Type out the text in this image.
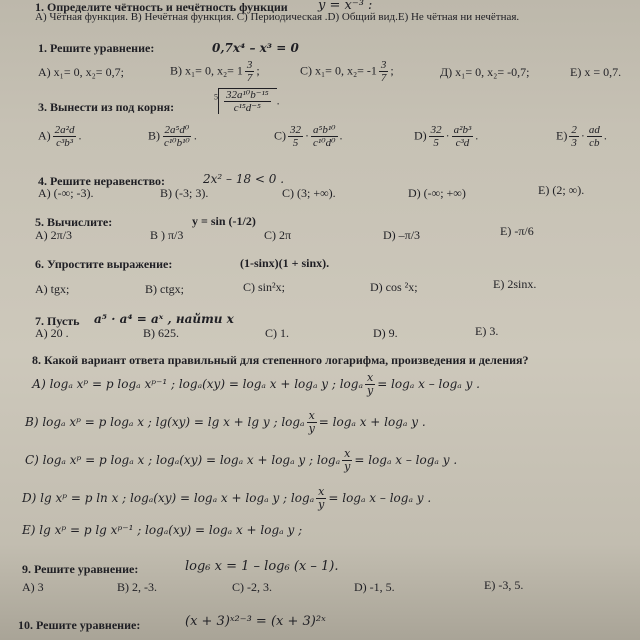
1. Определите чётность и нечётность функции y = x⁻³ :
А) Чётная функция. В) Нечётная функция. С) Периодическая .D) Общий вид.Е) Не чётная ни нечётная.
1. Решите уравнение:	0,7x⁴ – x³ = 0
А) x₁= 0, x₂= 0,7;	В) x₁= 0, $x_2= 1 \frac{3}{7}$ ;	С) x₁= 0, $x_2= -1 \frac{3}{7}$ ;	Д) x₁= 0, x₂= -0,7;	Е) x = 0,7.
3. Вынести из под корня:
$^5 \frac{\text{32a¹⁰b⁻¹⁵}}{\text{c¹⁵d⁻⁵}}$ .
$А) \frac{\text{2a²d}}{\text{c³b³}}$ .	$В) \frac{\text{2a⁵d⁰}}{\text{c¹⁰b¹⁰}}$ .	$С) \frac{32}{5} \cdot \frac{\text{a⁵b¹⁰}}{\text{c¹⁰d⁰}}$ .	$D) \frac{32}{5} \cdot \frac{\text{a²b³}}{\text{c³d}}$ .	$E) \frac{2}{3} \cdot \frac{ad}{cb}$ .
4. Решите неравенство:	2x² – 18 < 0 .
А) (-∞; -3).	В) (-3; 3).	С) (3; +∞).	D) (-∞; +∞)	E) (2; ∞).
5. Вычислите:	y = sin (-1/2)
А) 2π/3	В ) π/3	С) 2π	D) –π/3	Е) -π/6
6. Упростите выражение:	(1-sinx)(1 + sinx).
А) tgx;	В) ctgx;	С) sin²x;	D) cos ²x;	Е) 2sinx.
7. Пусть a⁵ · a⁴ = aˣ , найти x
А) 20 .	В) 625.	С) 1.	D) 9.	Е) 3.
8. Какой вариант ответа правильный для степенного логарифма, произведения и деления?
А) logₐ xᵖ = p logₐ xᵖ⁻¹ ; logₐ(xy) = logₐ x + logₐ y ; logₐ $\frac{x}{y} = \log_a$ x – logₐ y .
В) logₐ xᵖ = p logₐ x ; lg(xy) = lg x + lg y ; logₐ $\frac{x}{y} = \log_a$ x + logₐ y .
С) logₐ xᵖ = p logₐ x ; logₐ(xy) = logₐ x + logₐ y ; logₐ $\frac{x}{y} = \log_a$ x – logₐ y .
D) lg xᵖ = p ln x ; logₐ(xy) = logₐ x + logₐ y ; logₐ $\frac{x}{y} = \log_a$ x – logₐ y .
Е) lg xᵖ = p lg xᵖ⁻¹ ; logₐ(xy) = logₐ x + logₐ y ;
9. Решите уравнение:	log₆ x = 1 – log₆ (x – 1).
А) 3	В) 2, -3.	С) -2, 3.	D) -1, 5.	Е) -3, 5.
10. Решите уравнение:	(x + 3)ˣ²⁻³ = (x + 3)²ˣ
